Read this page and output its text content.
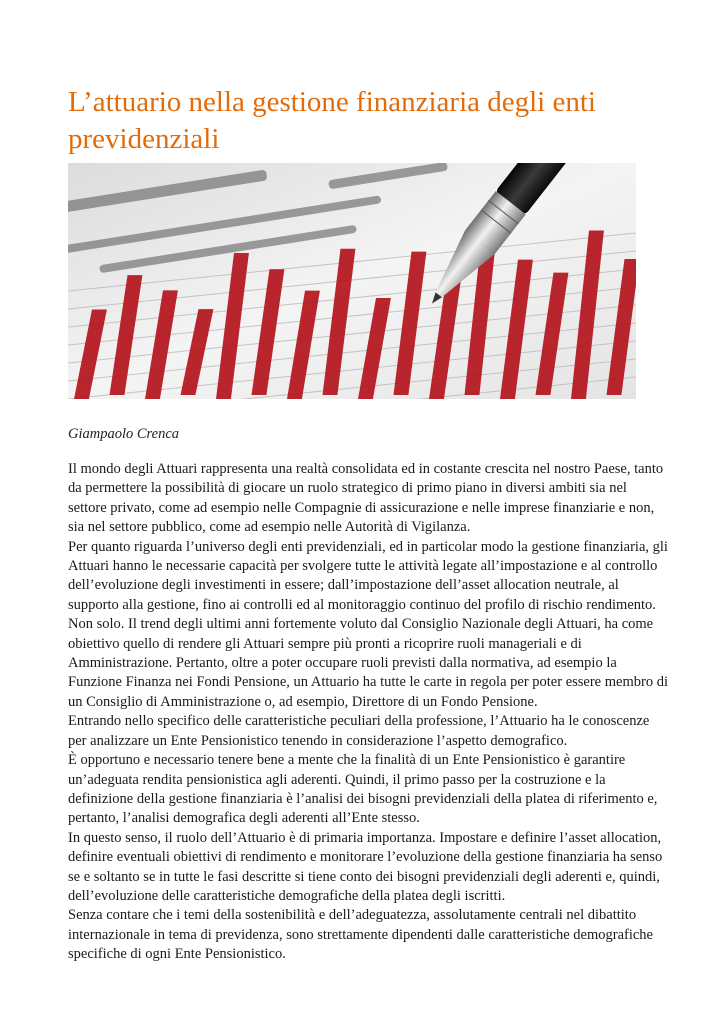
L’attuario nella gestione finanziaria degli enti previdenziali
Giampaolo Crenca

Il mondo degli Attuari rappresenta una realtà consolidata ed in costante crescita nel nostro Paese, tanto da permettere la possibilità di giocare un ruolo strategico di primo piano in diversi ambiti sia nel settore privato, come ad esempio nelle Compagnie di assicurazione e nelle imprese finanziarie e non, sia nel settore pubblico, come ad esempio nelle Autorità di Vigilanza.

Per quanto riguarda l’universo degli enti previdenziali, ed in particolar modo la gestione finanziaria, gli Attuari hanno le necessarie capacità per svolgere tutte le attività legate all’impostazione e al controllo dell’evoluzione degli investimenti in essere; dall’impostazione dell’asset allocation neutrale, al supporto alla gestione, fino ai controlli ed al monitoraggio continuo del profilo di rischio rendimento.

Non solo. Il trend degli ultimi anni fortemente voluto dal Consiglio Nazionale degli Attuari, ha come obiettivo quello di rendere gli Attuari sempre più pronti a ricoprire ruoli manageriali e di Amministrazione. Pertanto, oltre a poter occupare ruoli previsti dalla normativa, ad esempio la Funzione Finanza nei Fondi Pensione, un Attuario ha tutte le carte in regola per poter essere membro di un Consiglio di Amministrazione o, ad esempio, Direttore di un Fondo Pensione.

Entrando nello specifico delle caratteristiche peculiari della professione, l’Attuario ha le conoscenze per analizzare un Ente Pensionistico tenendo in considerazione l’aspetto demografico.

È opportuno e necessario tenere bene a mente che la finalità di un Ente Pensionistico è garantire un’adeguata rendita pensionistica agli aderenti. Quindi, il primo passo per la costruzione e la definizione della gestione finanziaria è l’analisi dei bisogni previdenziali della platea di riferimento e, pertanto, l’analisi demografica degli aderenti all’Ente stesso.

In questo senso, il ruolo dell’Attuario è di primaria importanza. Impostare e definire l’asset allocation, definire eventuali obiettivi di rendimento e monitorare l’evoluzione della gestione finanziaria ha senso se e soltanto se in tutte le fasi descritte si tiene conto dei bisogni previdenziali degli aderenti e, quindi, dell’evoluzione delle caratteristiche demografiche della platea degli iscritti.

Senza contare che i temi della sostenibilità e dell’adeguatezza, assolutamente centrali nel dibattito internazionale in tema di previdenza, sono strettamente dipendenti dalle caratteristiche demografiche specifiche di ogni Ente Pensionistico.
